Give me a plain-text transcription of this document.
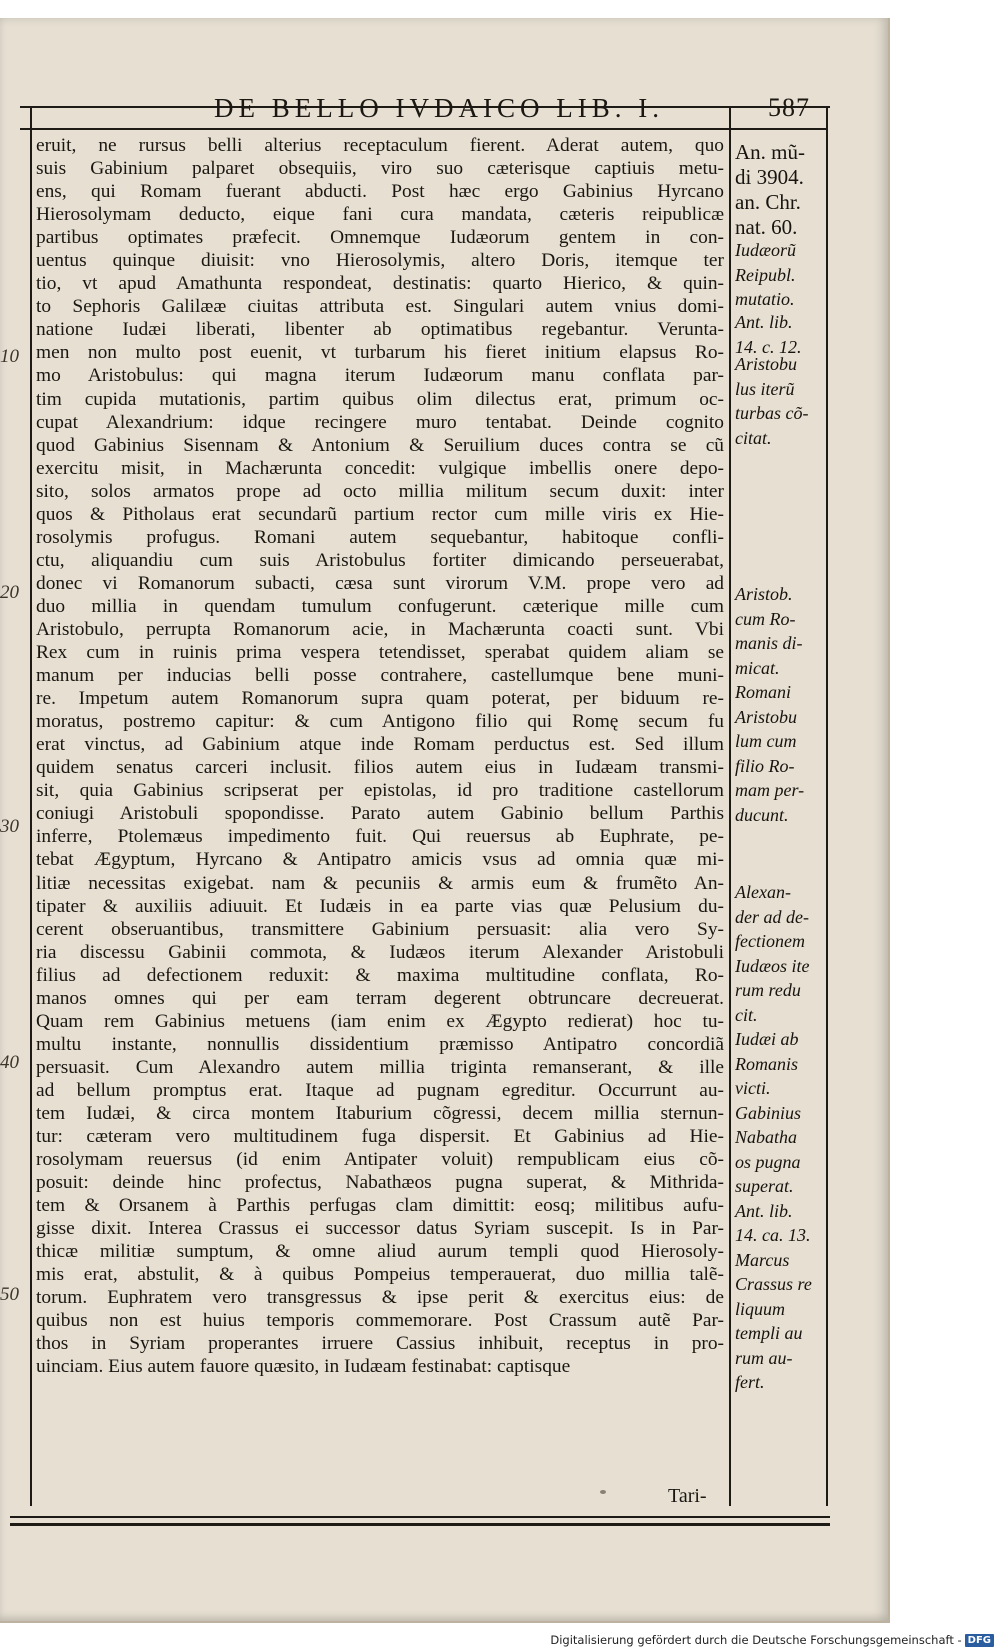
DE BELLO IVDAICO LIB. I.	587
eruit, ne rursus belli alterius receptaculum fierent. Aderat autem, quo
suis Gabinium palparet obsequiis, viro suo cæterisque captiuis metu-
ens, qui Romam fuerant abducti. Post hæc ergo Gabinius Hyrcano
Hierosolymam deducto, eique fani cura mandata, cæteris reipublicæ
partibus optimates præfecit. Omnemque Iudæorum gentem in con-
uentus quinque diuisit: vno Hierosolymis, altero Doris, itemque ter
tio, vt apud Amathunta respondeat, destinatis: quarto Hierico, & quin-
to Sephoris Galilææ ciuitas attributa est. Singulari autem vnius domi-
natione Iudæi liberati, libenter ab optimatibus regebantur. Verunta-
men non multo post euenit, vt turbarum his fieret initium elapsus Ro-
mo Aristobulus: qui magna iterum Iudæorum manu conflata par-
tim cupida mutationis, partim quibus olim dilectus erat, primum oc-
cupat Alexandrium: idque recingere muro tentabat. Deinde cognito
quod Gabinius Sisennam & Antonium & Seruilium duces contra se cũ
exercitu misit, in Machærunta concedit: vulgique imbellis onere depo-
sito, solos armatos prope ad octo millia militum secum duxit: inter
quos & Pitholaus erat secundarũ partium rector cum mille viris ex Hie-
rosolymis profugus. Romani autem sequebantur, habitoque confli-
ctu, aliquandiu cum suis Aristobulus fortiter dimicando perseuerabat,
donec vi Romanorum subacti, cæsa sunt virorum V.M. prope vero ad
duo millia in quendam tumulum confugerunt. cæterique mille cum
Aristobulo, perrupta Romanorum acie, in Machærunta coacti sunt. Vbi
Rex cum in ruinis prima vespera tetendisset, sperabat quidem aliam se
manum per inducias belli posse contrahere, castellumque bene muni-
re. Impetum autem Romanorum supra quam poterat, per biduum re-
moratus, postremo capitur: & cum Antigono filio qui Romę secum fu
erat vinctus, ad Gabinium atque inde Romam perductus est. Sed illum
quidem senatus carceri inclusit. filios autem eius in Iudæam transmi-
sit, quia Gabinius scripserat per epistolas, id pro traditione castellorum
coniugi Aristobuli spopondisse. Parato autem Gabinio bellum Parthis
inferre, Ptolemæus impedimento fuit. Qui reuersus ab Euphrate, pe-
tebat Ægyptum, Hyrcano & Antipatro amicis vsus ad omnia quæ mi-
litiæ necessitas exigebat. nam & pecuniis & armis eum & frumẽto An-
tipater & auxiliis adiuuit. Et Iudæis in ea parte vias quæ Pelusium du-
cerent obseruantibus, transmittere Gabinium persuasit: alia vero Sy-
ria discessu Gabinii commota, & Iudæos iterum Alexander Aristobuli
filius ad defectionem reduxit: & maxima multitudine conflata, Ro-
manos omnes qui per eam terram degerent obtruncare decreuerat.
Quam rem Gabinius metuens (iam enim ex Ægypto redierat) hoc tu-
multu instante, nonnullis dissidentium præmisso Antipatro concordiã
persuasit. Cum Alexandro autem millia triginta remanserant, & ille
ad bellum promptus erat. Itaque ad pugnam egreditur. Occurrunt au-
tem Iudæi, & circa montem Itaburium cõgressi, decem millia sternun-
tur: cæteram vero multitudinem fuga dispersit. Et Gabinius ad Hie-
rosolymam reuersus (id enim Antipater voluit) rempublicam eius cõ-
posuit: deinde hinc profectus, Nabathæos pugna superat, & Mithrida-
tem & Orsanem à Parthis perfugas clam dimittit: eosq; militibus aufu-
gisse dixit. Interea Crassus ei successor datus Syriam suscepit. Is in Par-
thicæ militiæ sumptum, & omne aliud aurum templi quod Hierosoly-
mis erat, abstulit, & à quibus Pompeius temperauerat, duo millia talẽ-
torum. Euphratem vero transgressus & ipse perit & exercitus eius: de
quibus non est huius temporis commemorare. Post Crassum autẽ Par-
thos in Syriam properantes irruere Cassius inhibuit, receptus in pro-
uinciam. Eius autem fauore quæsito, in Iudæam festinabat: captisque
10
20
30
40
50
An. mũ-
di 3904.
an. Chr.
nat. 60.
Iudæorũ
Reipubl.
mutatio.
Ant. lib.
14. c. 12.
Aristobu
lus iterũ
turbas cõ-
citat.
Aristob.
cum Ro-
manis di-
micat.
Romani
Aristobu
lum cum
filio Ro-
mam per-
ducunt.
Alexan-
der ad de-
fectionem
Iudæos ite
rum redu
cit.
Iudæi ab
Romanis
victi.
Gabinius
Nabatha
os pugna
superat.
Ant. lib.
14. ca. 13.
Marcus
Crassus re
liquum
templi au
rum au-
fert.
Tari-
Digitalisierung gefördert durch die Deutsche Forschungsgemeinschaft - DFG
